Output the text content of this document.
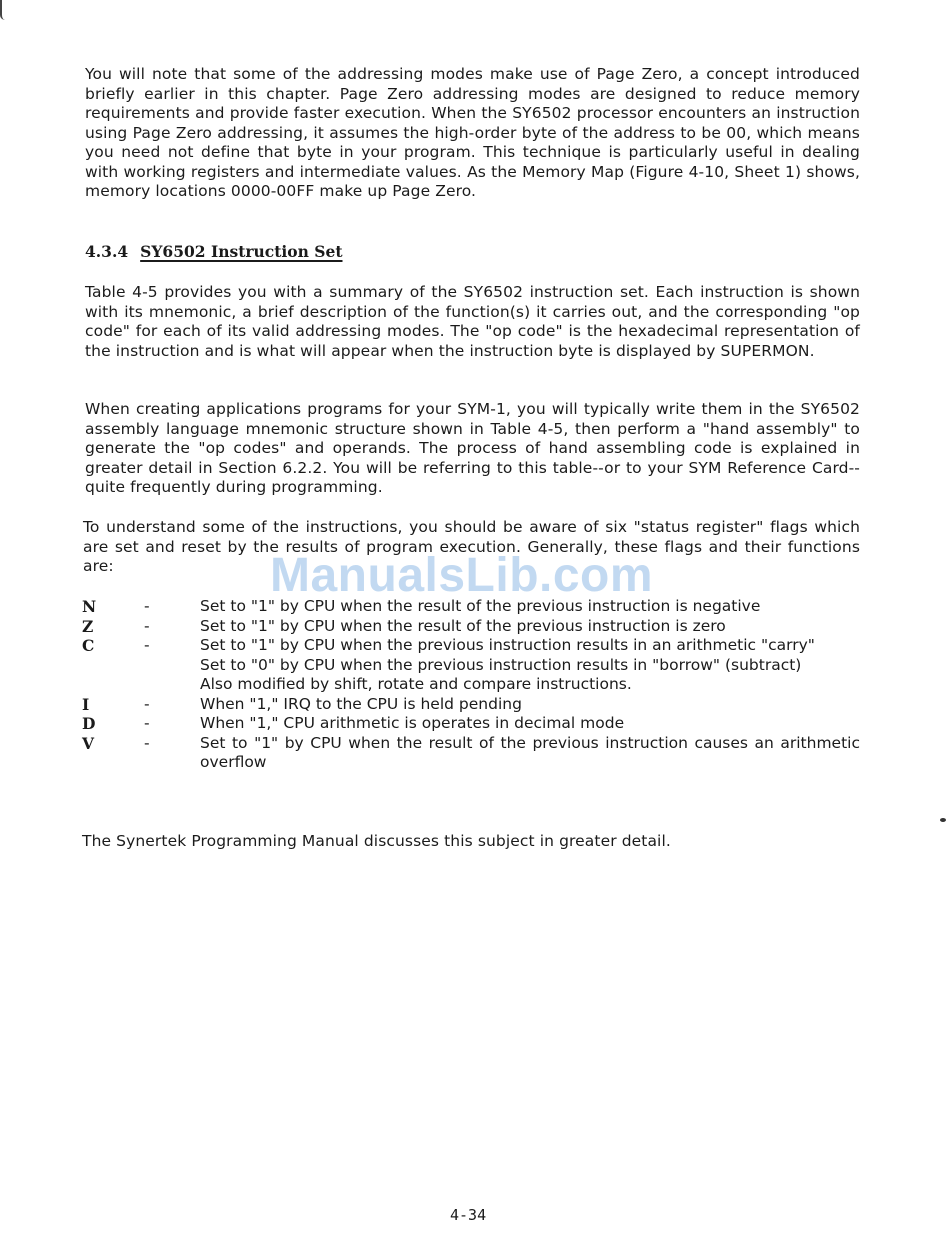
You will note that some of the addressing modes make use of Page Zero, a concept introduced briefly earlier in this chapter. Page Zero addressing modes are designed to reduce memory requirements and provide faster execution. When the SY6502 processor encounters an instruction using Page Zero addressing, it assumes the high-order byte of the address to be 00, which means you need not define that byte in your program. This technique is particularly useful in dealing with working registers and intermediate values. As the Memory Map (Figure 4-10, Sheet 1) shows, memory locations 0000-00FF make up Page Zero.

4.3.4 SY6502 Instruction Set

Table 4-5 provides you with a summary of the SY6502 instruction set. Each instruction is shown with its mnemonic, a brief description of the function(s) it carries out, and the corresponding "op code" for each of its valid addressing modes. The "op code" is the hexadecimal representation of the instruction and is what will appear when the instruction byte is displayed by SUPERMON.

When creating applications programs for your SYM-1, you will typically write them in the SY6502 assembly language mnemonic structure shown in Table 4-5, then perform a "hand assembly" to generate the "op codes" and operands. The process of hand assembling code is explained in greater detail in Section 6.2.2. You will be referring to this table--or to your SYM Reference Card--quite frequently during programming.

To understand some of the instructions, you should be aware of six "status register" flags which are set and reset by the results of program execution. Generally, these flags and their functions are:

N	-	Set to "1" by CPU when the result of the previous instruction is negative
Z	-	Set to "1" by CPU when the result of the previous instruction is zero
C	-	Set to "1" by CPU when the previous instruction results in an arithmetic "carry"
Set to "0" by CPU when the previous instruction results in "borrow" (subtract)
Also modified by shift, rotate and compare instructions.
I	-	When "1," IRQ to the CPU is held pending
D	-	When "1," CPU arithmetic is operates in decimal mode
V	-	Set to "1" by CPU when the result of the previous instruction causes an arithmetic overflow

The Synertek Programming Manual discusses this subject in greater detail.

ManualsLib.com
4-34
